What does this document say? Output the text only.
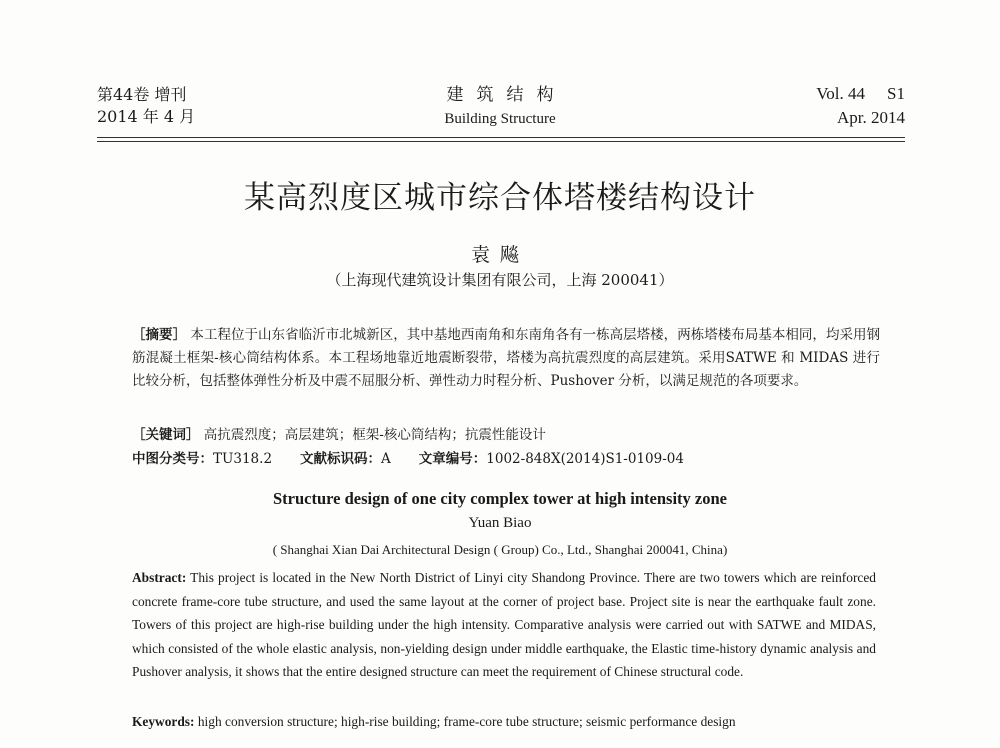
第44卷 增刊
2014 年 4 月
建筑结构
Building Structure
Vol. 44 S1
Apr. 2014
某高烈度区城市综合体塔楼结构设计
袁飚
（上海现代建筑设计集团有限公司，上海 200041）
［摘要］ 本工程位于山东省临沂市北城新区，其中基地西南角和东南角各有一栋高层塔楼，两栋塔楼布局基本相同，均采用钢筋混凝土框架-核心筒结构体系。本工程场地靠近地震断裂带，塔楼为高抗震烈度的高层建筑。采用SATWE 和 MIDAS 进行比较分析，包括整体弹性分析及中震不屈服分析、弹性动力时程分析、Pushover 分析，以满足规范的各项要求。
［关键词］ 高抗震烈度；高层建筑；框架-核心筒结构；抗震性能设计
中图分类号：TU318.2 文献标识码：A 文章编号：1002-848X(2014)S1-0109-04
Structure design of one city complex tower at high intensity zone
Yuan Biao
( Shanghai Xian Dai Architectural Design ( Group) Co., Ltd., Shanghai 200041, China)
Abstract: This project is located in the New North District of Linyi city Shandong Province. There are two towers which are reinforced concrete frame-core tube structure, and used the same layout at the corner of project base. Project site is near the earthquake fault zone. Towers of this project are high-rise building under the high intensity. Comparative analysis were carried out with SATWE and MIDAS, which consisted of the whole elastic analysis, non-yielding design under middle earthquake, the Elastic time-history dynamic analysis and Pushover analysis, it shows that the entire designed structure can meet the requirement of Chinese structural code.
Keywords: high conversion structure; high-rise building; frame-core tube structure; seismic performance design
